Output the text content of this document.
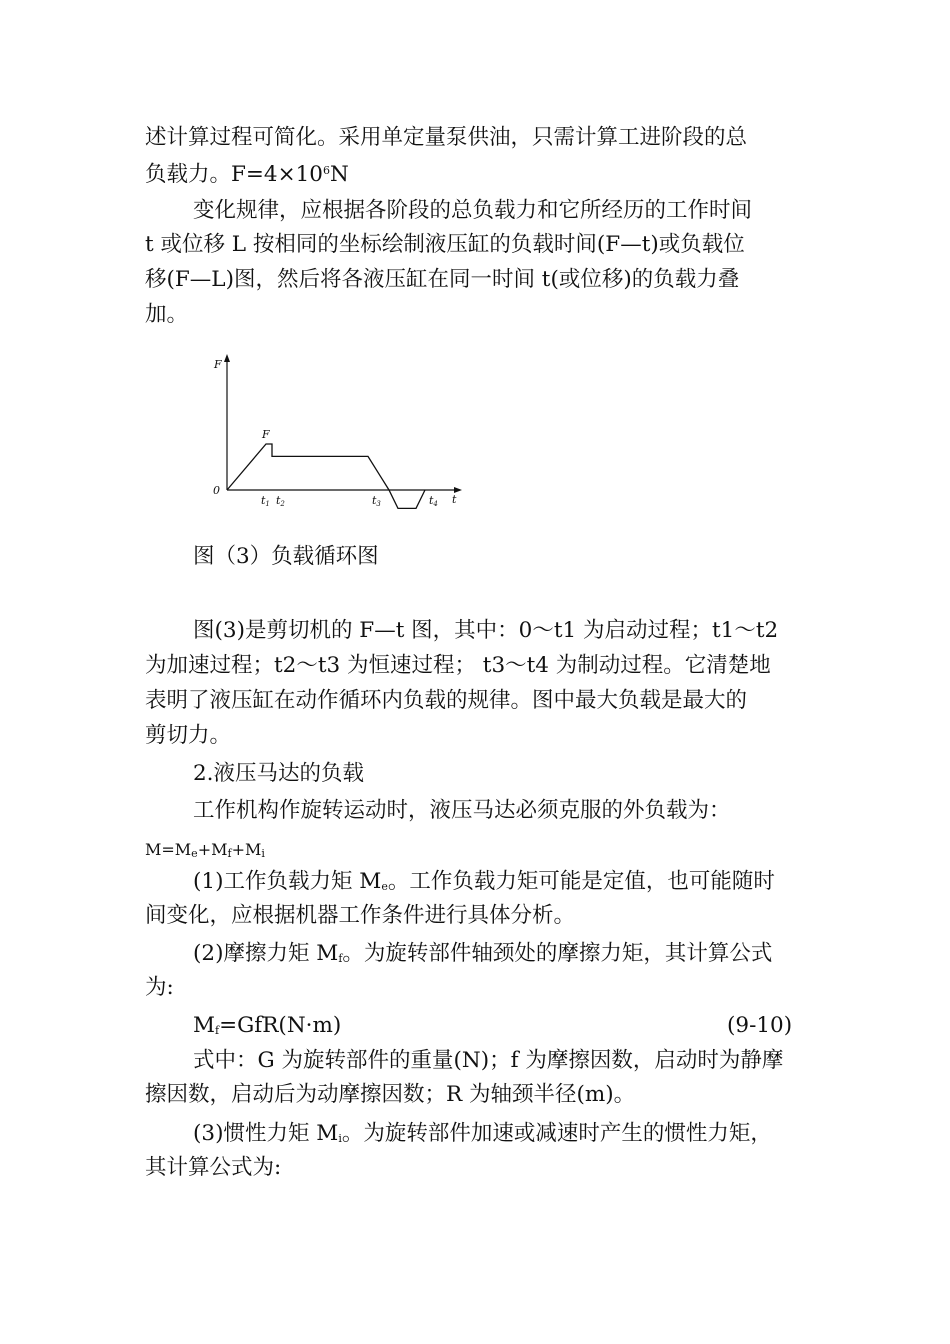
述计算过程可简化。采用单定量泵供油，只需计算工进阶段的总
负载力。$F=4\times 10^6N$
变化规律，应根据各阶段的总负载力和它所经历的工作时间
t 或位移 L 按相同的坐标绘制液压缸的负载时间(F—t)或负载位
移(F—L)图，然后将各液压缸在同一时间 t(或位移)的负载力叠
加。
F
F
0
t
t1 t2	t3	t4
图（3）负载循环图
图(3)是剪切机的 F—t 图，其中：0～t1 为启动过程；t1～t2
为加速过程；t2～t3 为恒速过程； t3～t4 为制动过程。它清楚地
表明了液压缸在动作循环内负载的规律。图中最大负载是最大的
剪切力。
2.液压马达的负载
工作机构作旋转运动时，液压马达必须克服的外负载为：
$M=M_e+M_f+M_i$
(1)工作负载力矩 $M_e$。工作负载力矩可能是定值，也可能随时
间变化，应根据机器工作条件进行具体分析。
(2)摩擦力矩 $M_f$。为旋转部件轴颈处的摩擦力矩，其计算公式
为:
$M_f=GfR(N\cdot m)$	(9-10)
式中：G 为旋转部件的重量(N)；f 为摩擦因数，启动时为静摩
擦因数，启动后为动摩擦因数；R 为轴颈半径(m)。
(3)惯性力矩 $M_i$。为旋转部件加速或减速时产生的惯性力矩，
其计算公式为:
